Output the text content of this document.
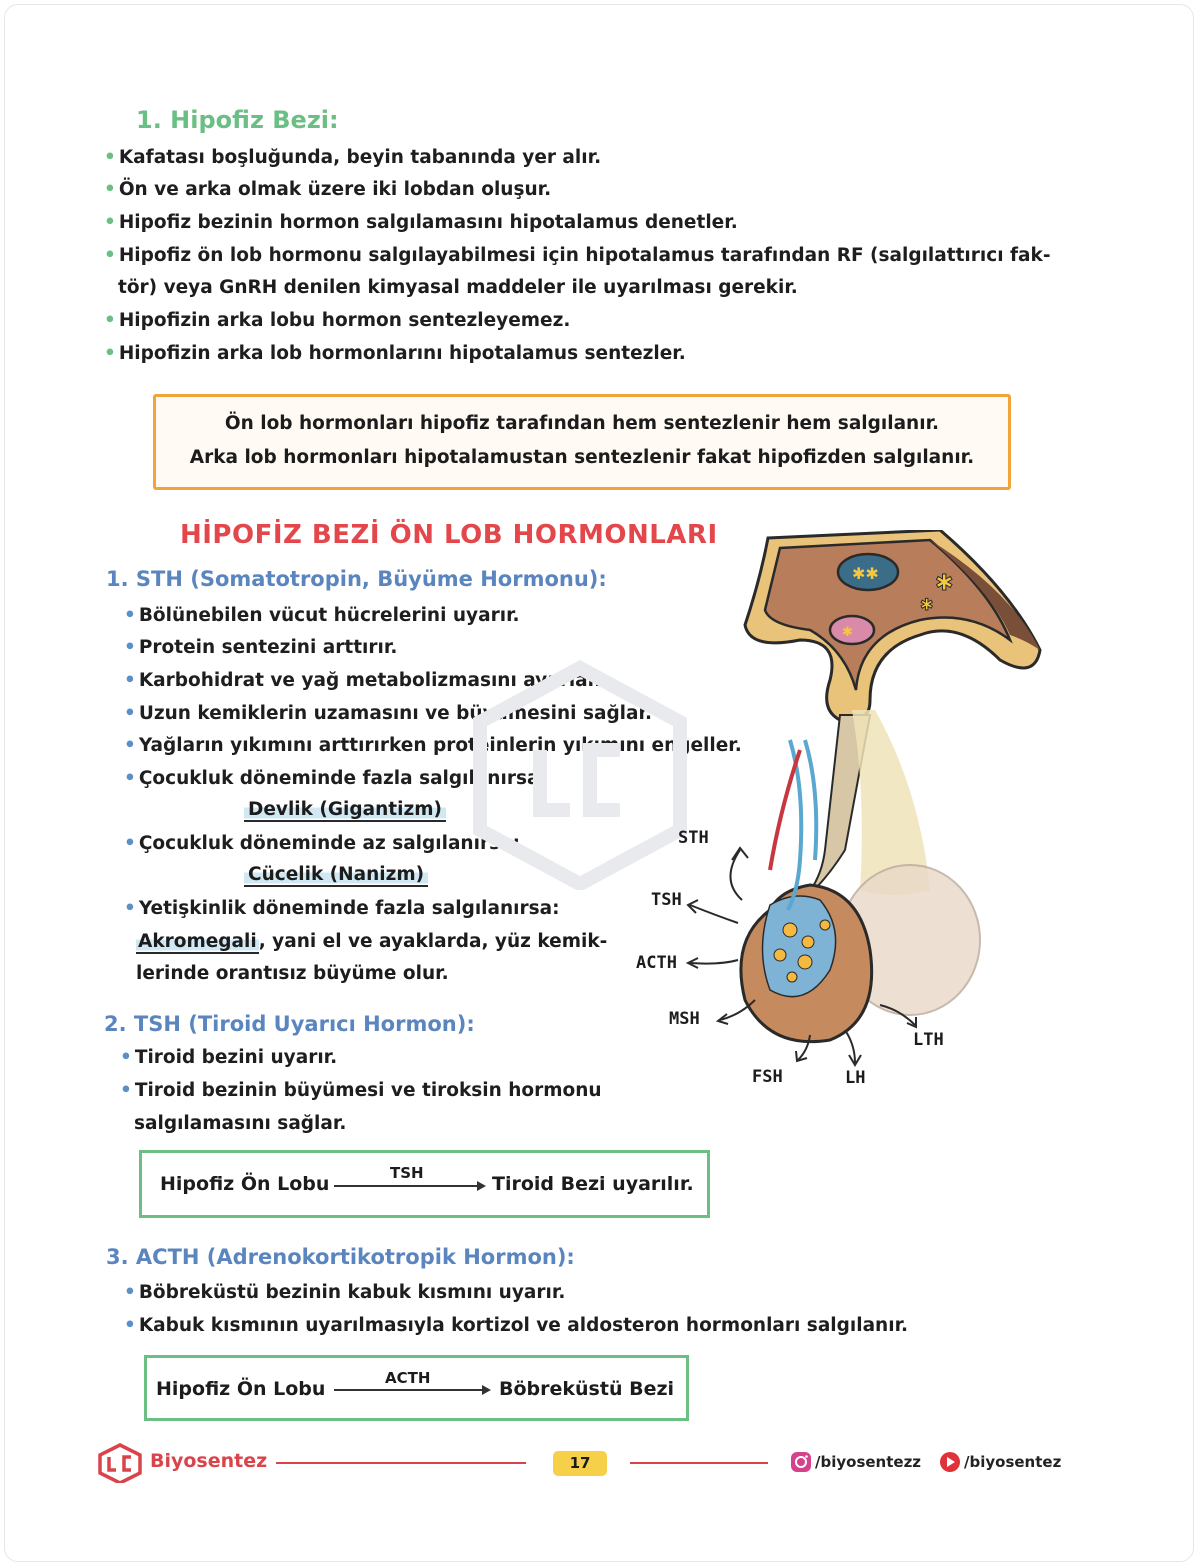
1. Hipofiz Bezi:
• Kafatası boşluğunda, beyin tabanında yer alır.
• Ön ve arka olmak üzere iki lobdan oluşur.
• Hipofiz bezinin hormon salgılamasını hipotalamus denetler.
• Hipofiz ön lob hormonu salgılayabilmesi için hipotalamus tarafından RF (salgılattırıcı fak-
tör) veya GnRH denilen kimyasal maddeler ile uyarılması gerekir.
• Hipofizin arka lobu hormon sentezleyemez.
• Hipofizin arka lob hormonlarını hipotalamus sentezler.
Ön lob hormonları hipofiz tarafından hem sentezlenir hem salgılanır.
Arka lob hormonları hipotalamustan sentezlenir fakat hipofizden salgılanır.
HİPOFİZ BEZİ ÖN LOB HORMONLARI
1. STH (Somatotropin, Büyüme Hormonu):
• Bölünebilen vücut hücrelerini uyarır.
• Protein sentezini arttırır.
• Karbohidrat ve yağ metabolizmasını ayarlar.
• Uzun kemiklerin uzamasını ve büyümesini sağlar.
• Yağların yıkımını arttırırken proteinlerin yıkımını engeller.
• Çocukluk döneminde fazla salgılanırsa:
Devlik (Gigantizm)
• Çocukluk döneminde az salgılanırsa:
Cücelik (Nanizm)
• Yetişkinlik döneminde fazla salgılanırsa:
Akromegali , yani el ve ayaklarda, yüz kemik-
lerinde orantısız büyüme olur.
2. TSH (Tiroid Uyarıcı Hormon):
• Tiroid bezini uyarır.
• Tiroid bezinin büyümesi ve tiroksin hormonu
salgılamasını sağlar.
Hipofiz Ön Lobu	TSH	Tiroid Bezi uyarılır.
3. ACTH (Adrenokortikotropik Hormon):
• Böbreküstü bezinin kabuk kısmını uyarır.
• Kabuk kısmının uyarılmasıyla kortizol ve aldosteron hormonları salgılanır.
Hipofiz Ön Lobu	ACTH	Böbreküstü Bezi
✱✱
✱
✱
✱
STH
TSH
ACTH
MSH
FSH	LH
LTH
Biyosentez	17	/biyosentezz	/biyosentez
